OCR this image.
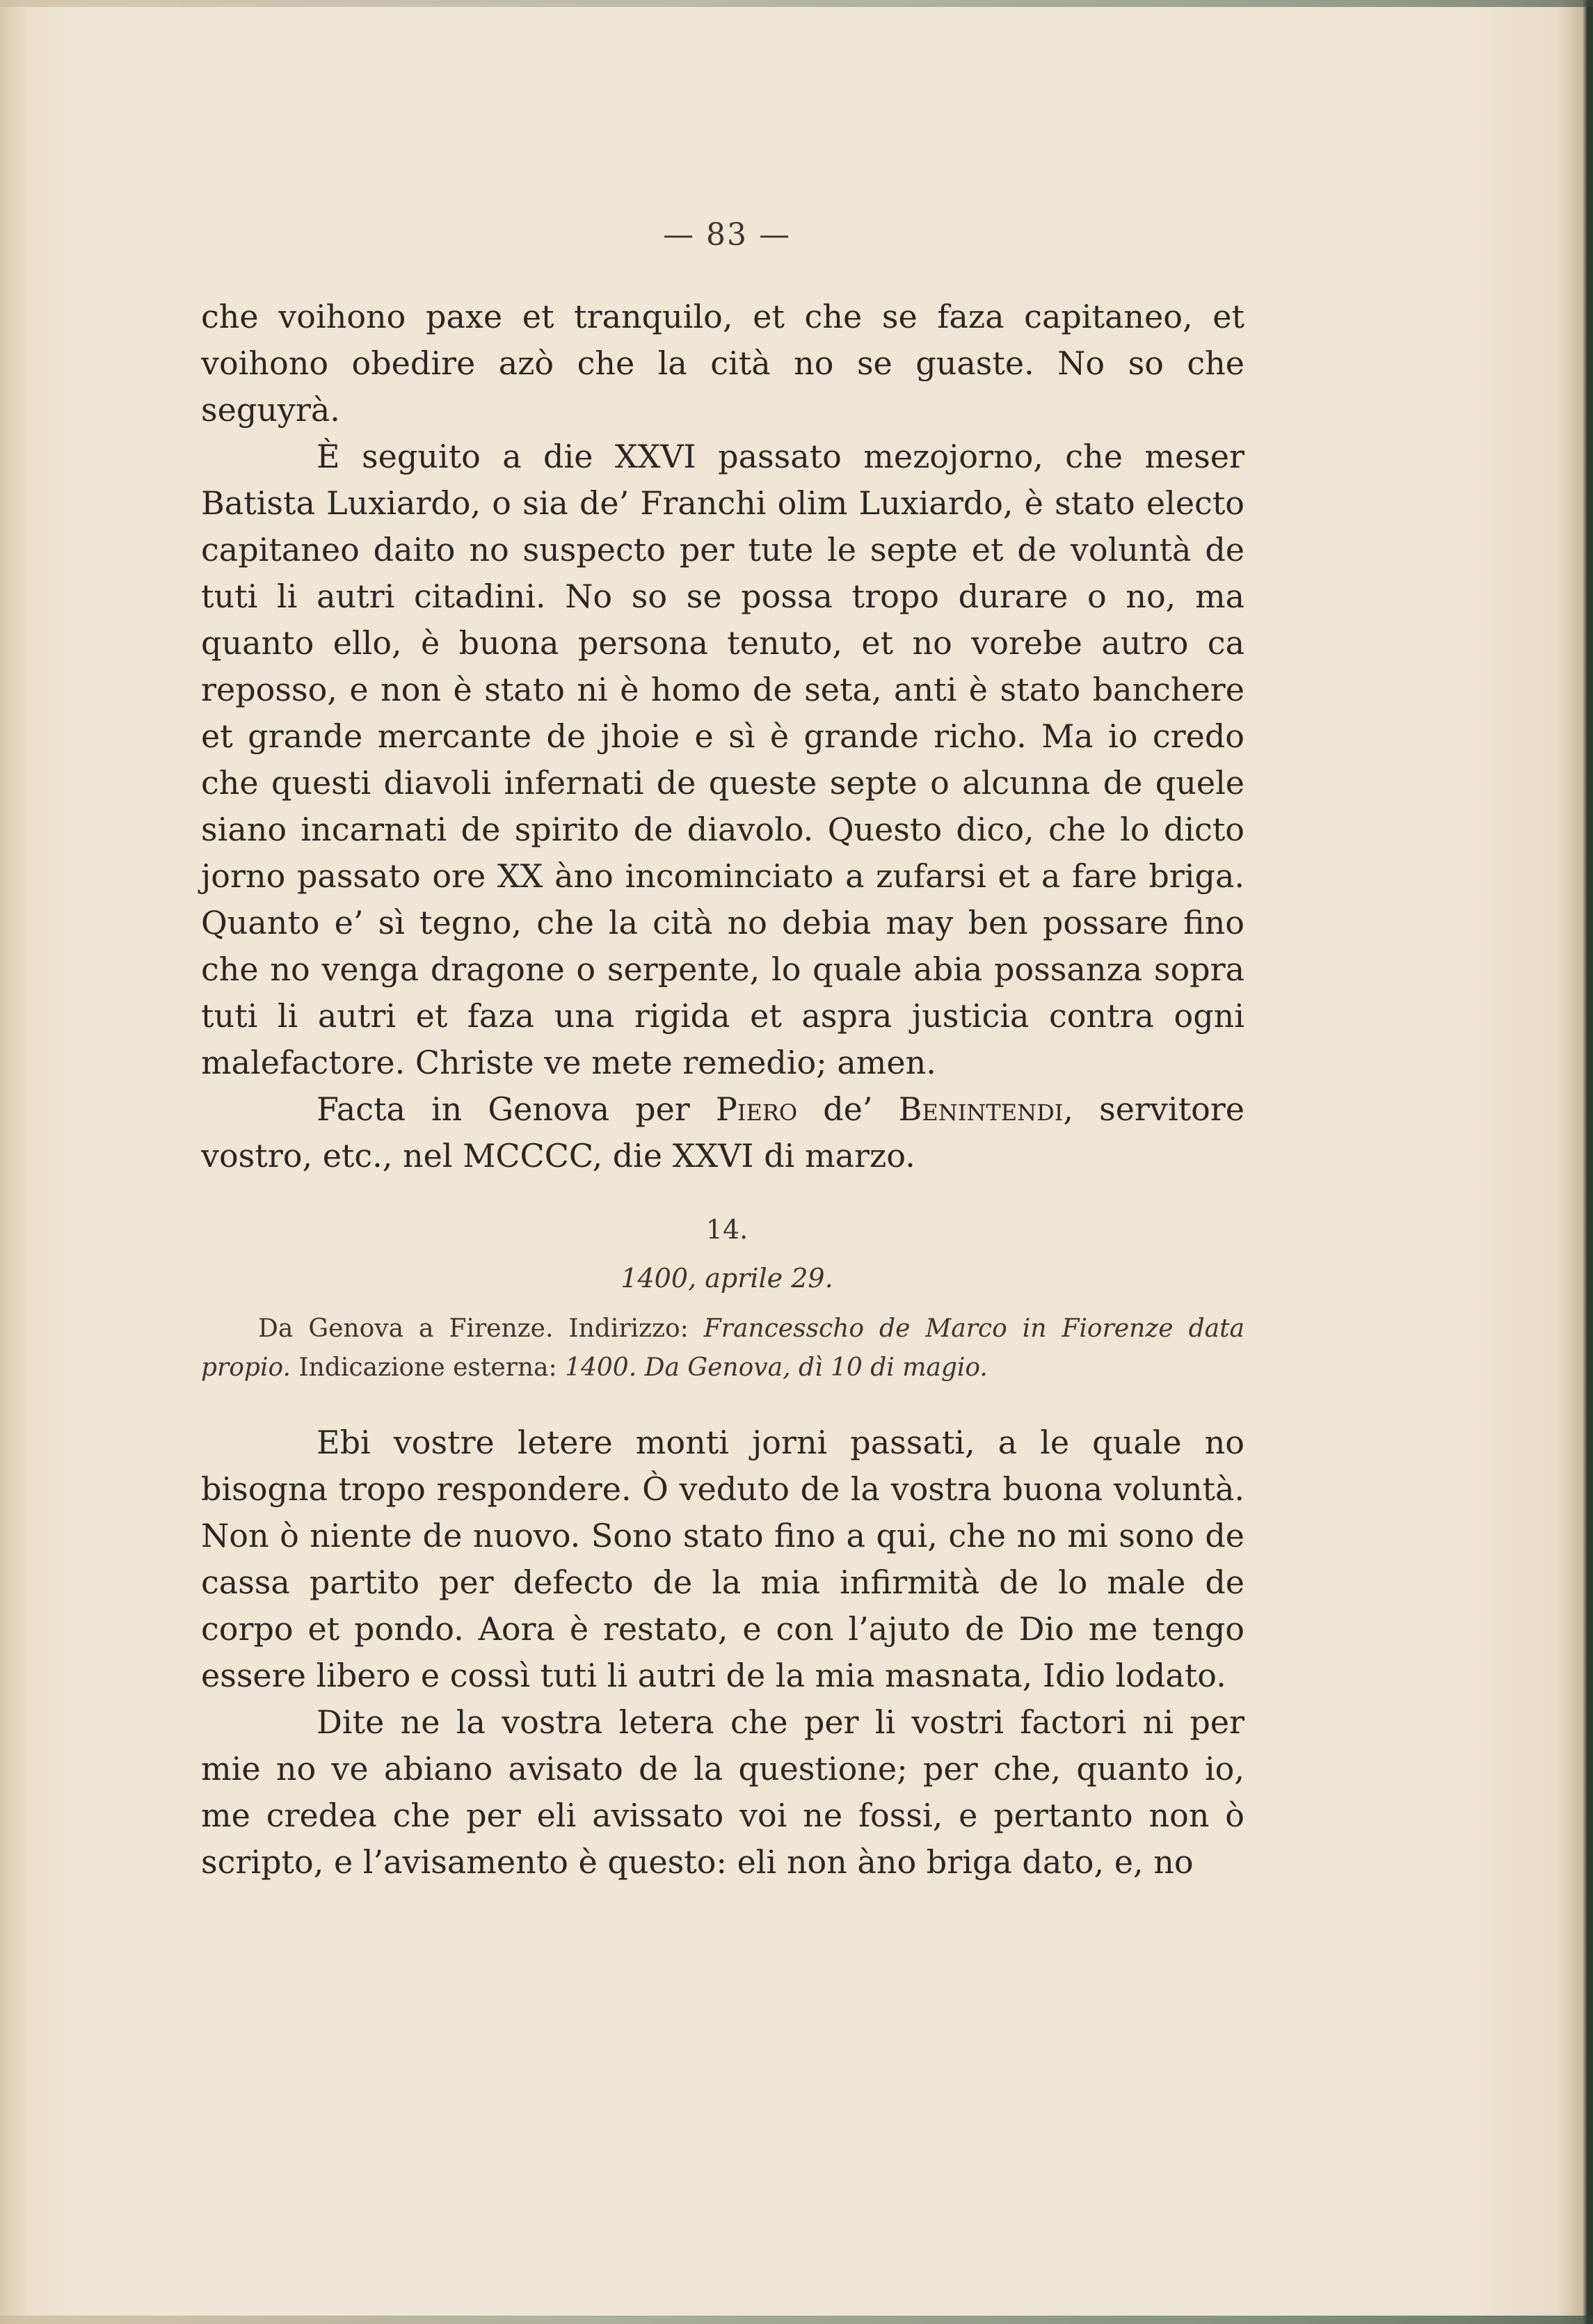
— 83 —

che voihono paxe et tranquilo, et che se faza capitaneo, et voihono obedire azò che la cità no se guaste. No so che seguyrà.

È seguito a die XXVI passato mezojorno, che meser Batista Luxiardo, o sia de’ Franchi olim Luxiardo, è stato electo capitaneo daito no suspecto per tute le septe et de voluntà de tuti li autri citadini. No so se possa tropo durare o no, ma quanto ello, è buona persona tenuto, et no vorebe autro ca reposso, e non è stato ni è homo de seta, anti è stato banchere et grande mercante de jhoie e sì è grande richo. Ma io credo che questi diavoli infernati de queste septe o alcunna de quele siano incarnati de spirito de diavolo. Questo dico, che lo dicto jorno passato ore XX àno incominciato a zufarsi et a fare briga. Quanto e’ sì tegno, che la cità no debia may ben possare fino che no venga dragone o serpente, lo quale abia possanza sopra tuti li autri et faza una rigida et aspra justicia contra ogni malefactore. Christe ve mete remedio; amen.

Facta in Genova per Piero de’ Benintendi, servitore vostro, etc., nel MCCCC, die XXVI di marzo.

14.
1400, aprile 29.

Da Genova a Firenze. Indirizzo: Francesscho de Marco in Fiorenze data propio. Indicazione esterna: 1400. Da Genova, dì 10 di magio.

Ebi vostre letere monti jorni passati, a le quale no bisogna tropo respondere. Ò veduto de la vostra buona voluntà. Non ò niente de nuovo. Sono stato fino a qui, che no mi sono de cassa partito per defecto de la mia infirmità de lo male de corpo et pondo. Aora è restato, e con l’ajuto de Dio me tengo essere libero e cossì tuti li autri de la mia masnata, Idio lodato.

Dite ne la vostra letera che per li vostri factori ni per mie no ve abiano avisato de la questione; per che, quanto io, me credea che per eli avissato voi ne fossi, e pertanto non ò scripto, e l’avisamento è questo: eli non àno briga dato, e, no
